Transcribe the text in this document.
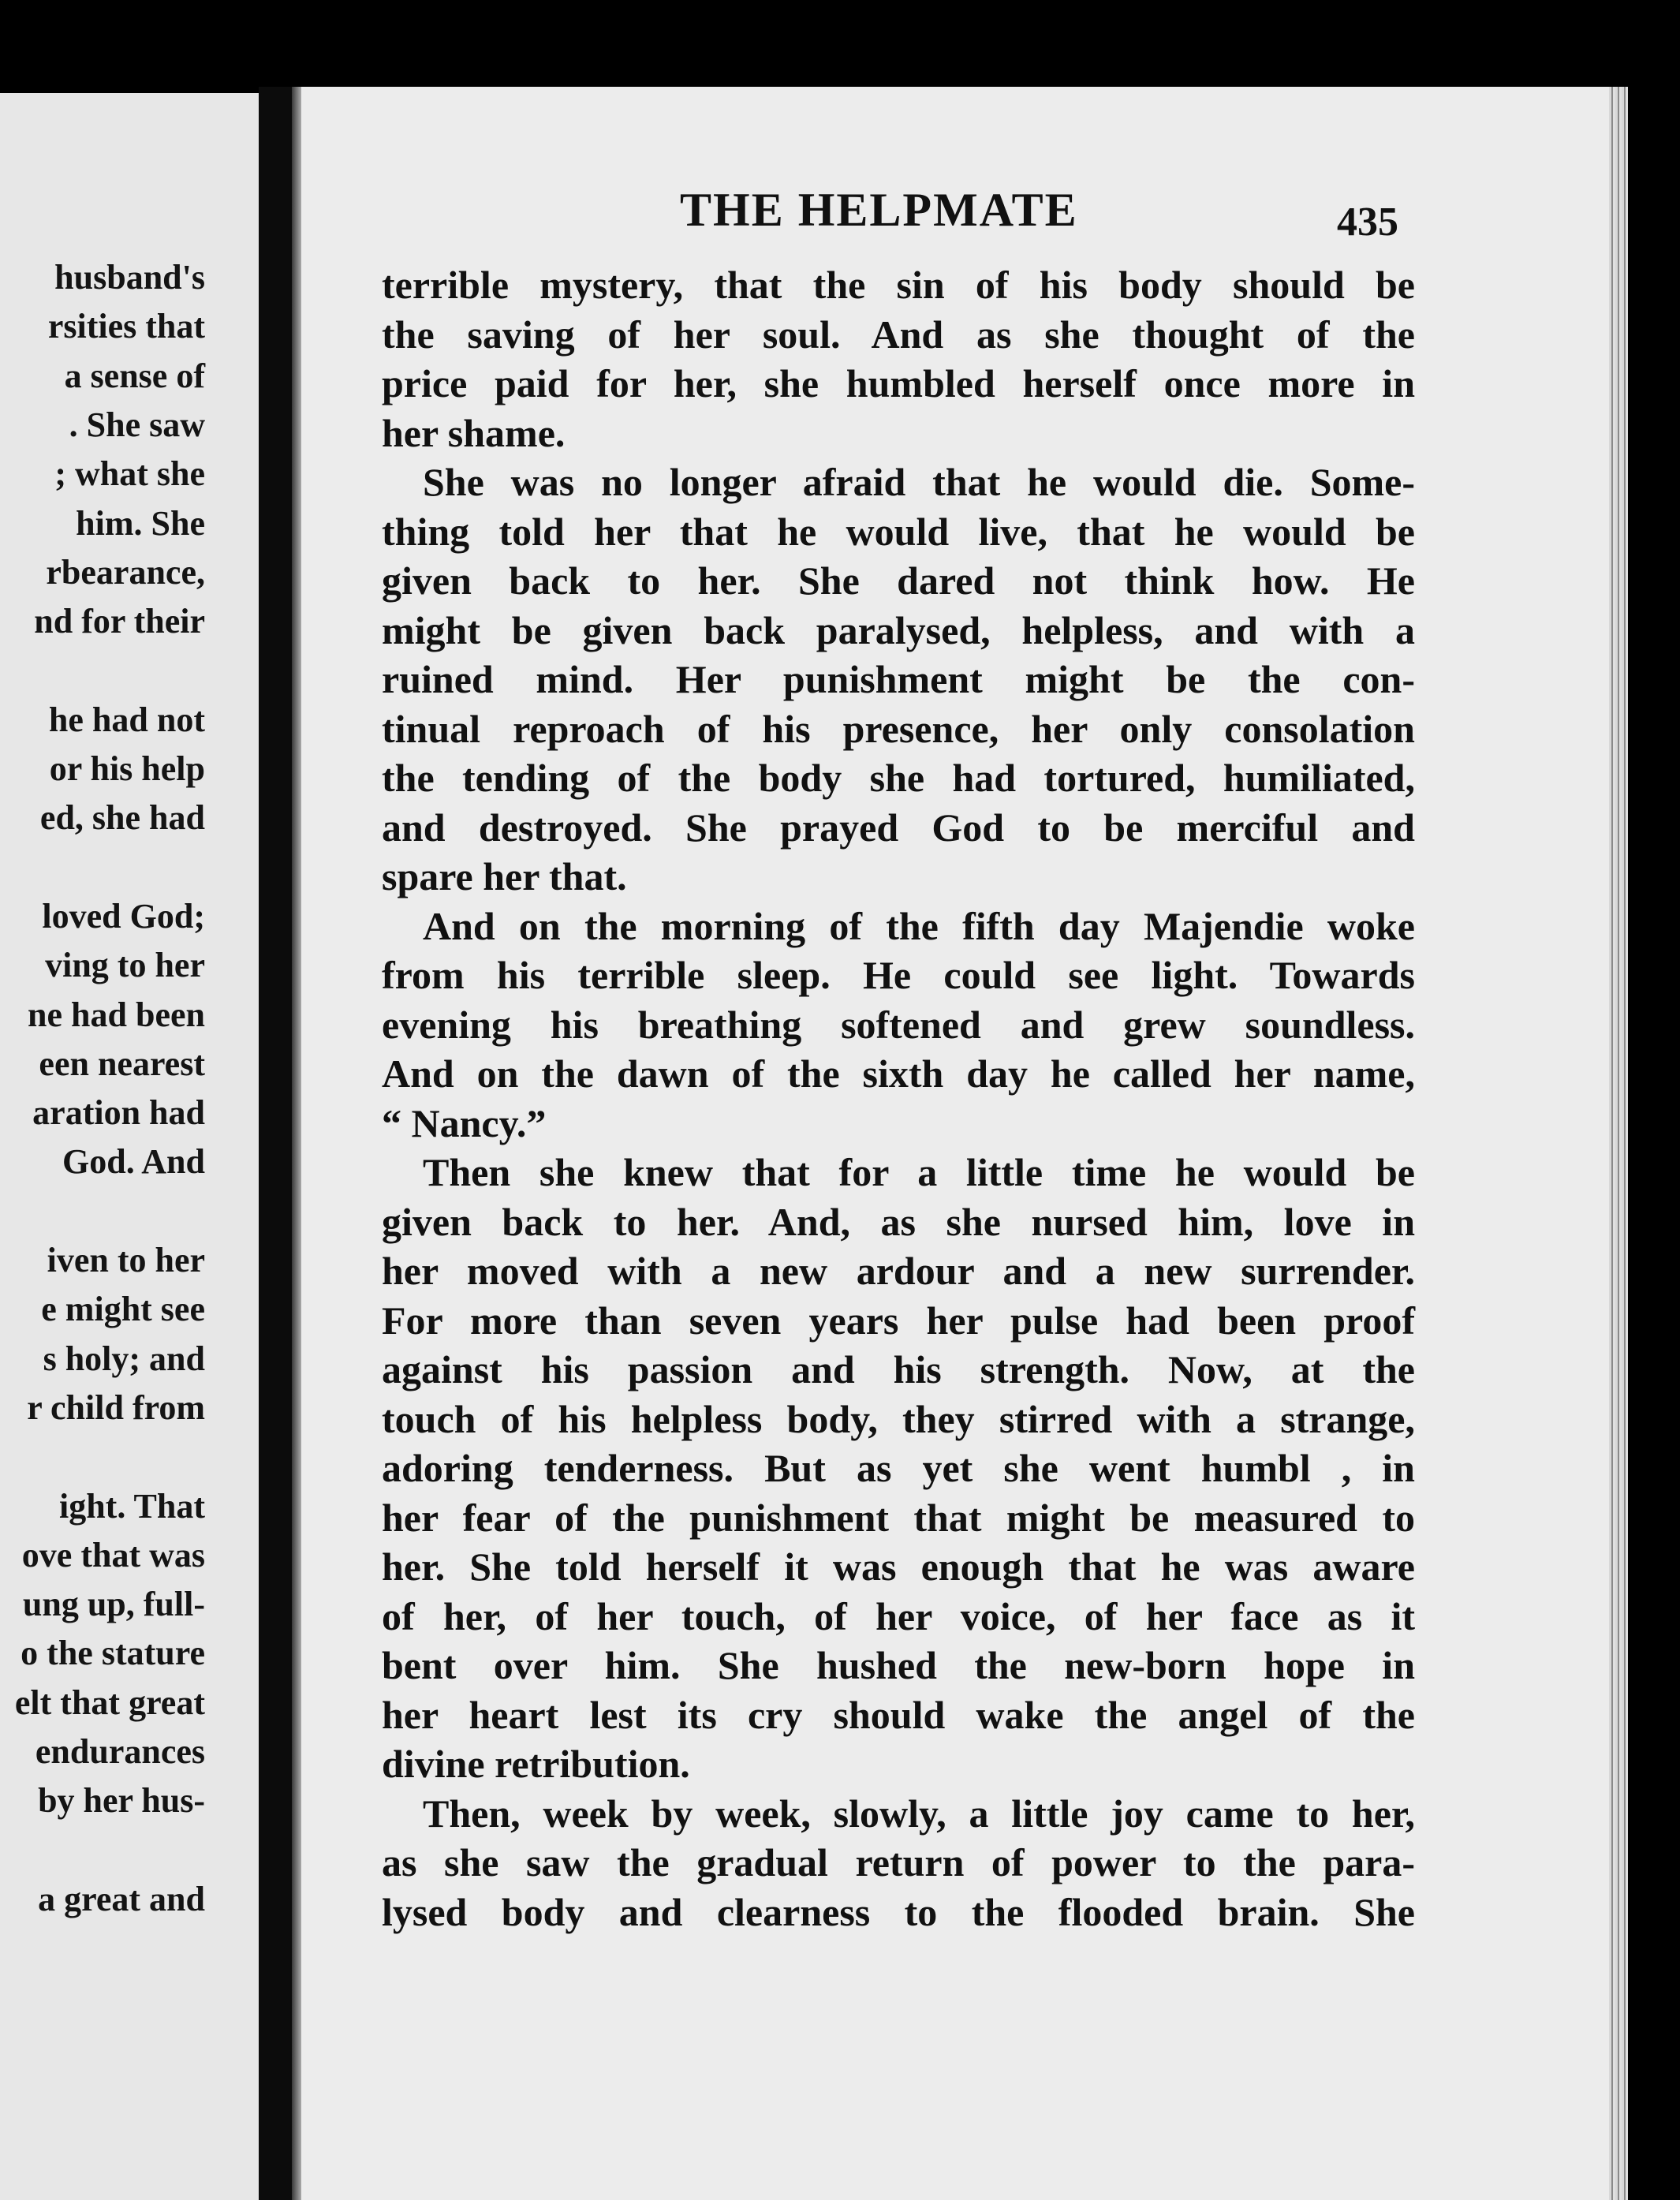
husband's
rsities that
a sense of
. She saw
; what she
him. She
rbearance,
nd for their
he had not
or his help
ed, she had
loved God;
ving to her
ne had been
een nearest
aration had
God. And
iven to her
e might see
s holy; and
r child from
ight. That
ove that was
ung up, full-
o the stature
elt that great
endurances
by her hus-
a great and
THE HELPMATE	435
terrible mystery, that the sin of his body should be
the saving of her soul. And as she thought of the
price paid for her, she humbled herself once more in
her shame.
She was no longer afraid that he would die. Some-
thing told her that he would live, that he would be
given back to her. She dared not think how. He
might be given back paralysed, helpless, and with a
ruined mind. Her punishment might be the con-
tinual reproach of his presence, her only consolation
the tending of the body she had tortured, humiliated,
and destroyed. She prayed God to be merciful and
spare her that.
And on the morning of the fifth day Majendie woke
from his terrible sleep. He could see light. Towards
evening his breathing softened and grew soundless.
And on the dawn of the sixth day he called her name,
“ Nancy.”
Then she knew that for a little time he would be
given back to her. And, as she nursed him, love in
her moved with a new ardour and a new surrender.
For more than seven years her pulse had been proof
against his passion and his strength. Now, at the
touch of his helpless body, they stirred with a strange,
adoring tenderness. But as yet she went humbl , in
her fear of the punishment that might be measured to
her. She told herself it was enough that he was aware
of her, of her touch, of her voice, of her face as it
bent over him. She hushed the new-born hope in
her heart lest its cry should wake the angel of the
divine retribution.
Then, week by week, slowly, a little joy came to her,
as she saw the gradual return of power to the para-
lysed body and clearness to the flooded brain. She
